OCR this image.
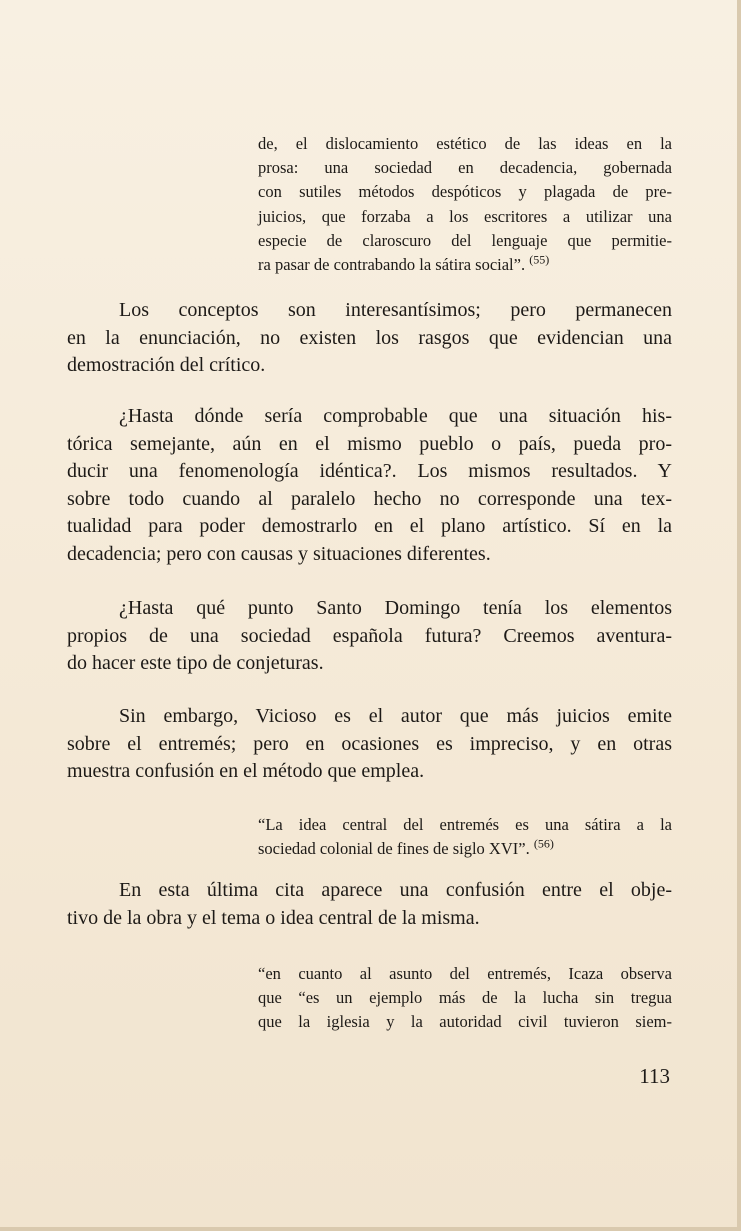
de, el dislocamiento estético de las ideas en la
prosa: una sociedad en decadencia, gobernada
con sutiles métodos despóticos y plagada de pre-
juicios, que forzaba a los escritores a utilizar una
especie de claroscuro del lenguaje que permitie-
ra pasar de contrabando la sátira social”. $^{(55)}$
Los conceptos son interesantísimos; pero permanecen
en la enunciación, no existen los rasgos que evidencian una
demostración del crítico.
¿Hasta dónde sería comprobable que una situación his-
tórica semejante, aún en el mismo pueblo o país, pueda pro-
ducir una fenomenología idéntica?. Los mismos resultados. Y
sobre todo cuando al paralelo hecho no corresponde una tex-
tualidad para poder demostrarlo en el plano artístico. Sí en la
decadencia; pero con causas y situaciones diferentes.
¿Hasta qué punto Santo Domingo tenía los elementos
propios de una sociedad española futura? Creemos aventura-
do hacer este tipo de conjeturas.
Sin embargo, Vicioso es el autor que más juicios emite
sobre el entremés; pero en ocasiones es impreciso, y en otras
muestra confusión en el método que emplea.
“La idea central del entremés es una sátira a la
sociedad colonial de fines de siglo XVI”. $^{(56)}$
En esta última cita aparece una confusión entre el obje-
tivo de la obra y el tema o idea central de la misma.
“en cuanto al asunto del entremés, Icaza observa
que “es un ejemplo más de la lucha sin tregua
que la iglesia y la autoridad civil tuvieron siem-
113
